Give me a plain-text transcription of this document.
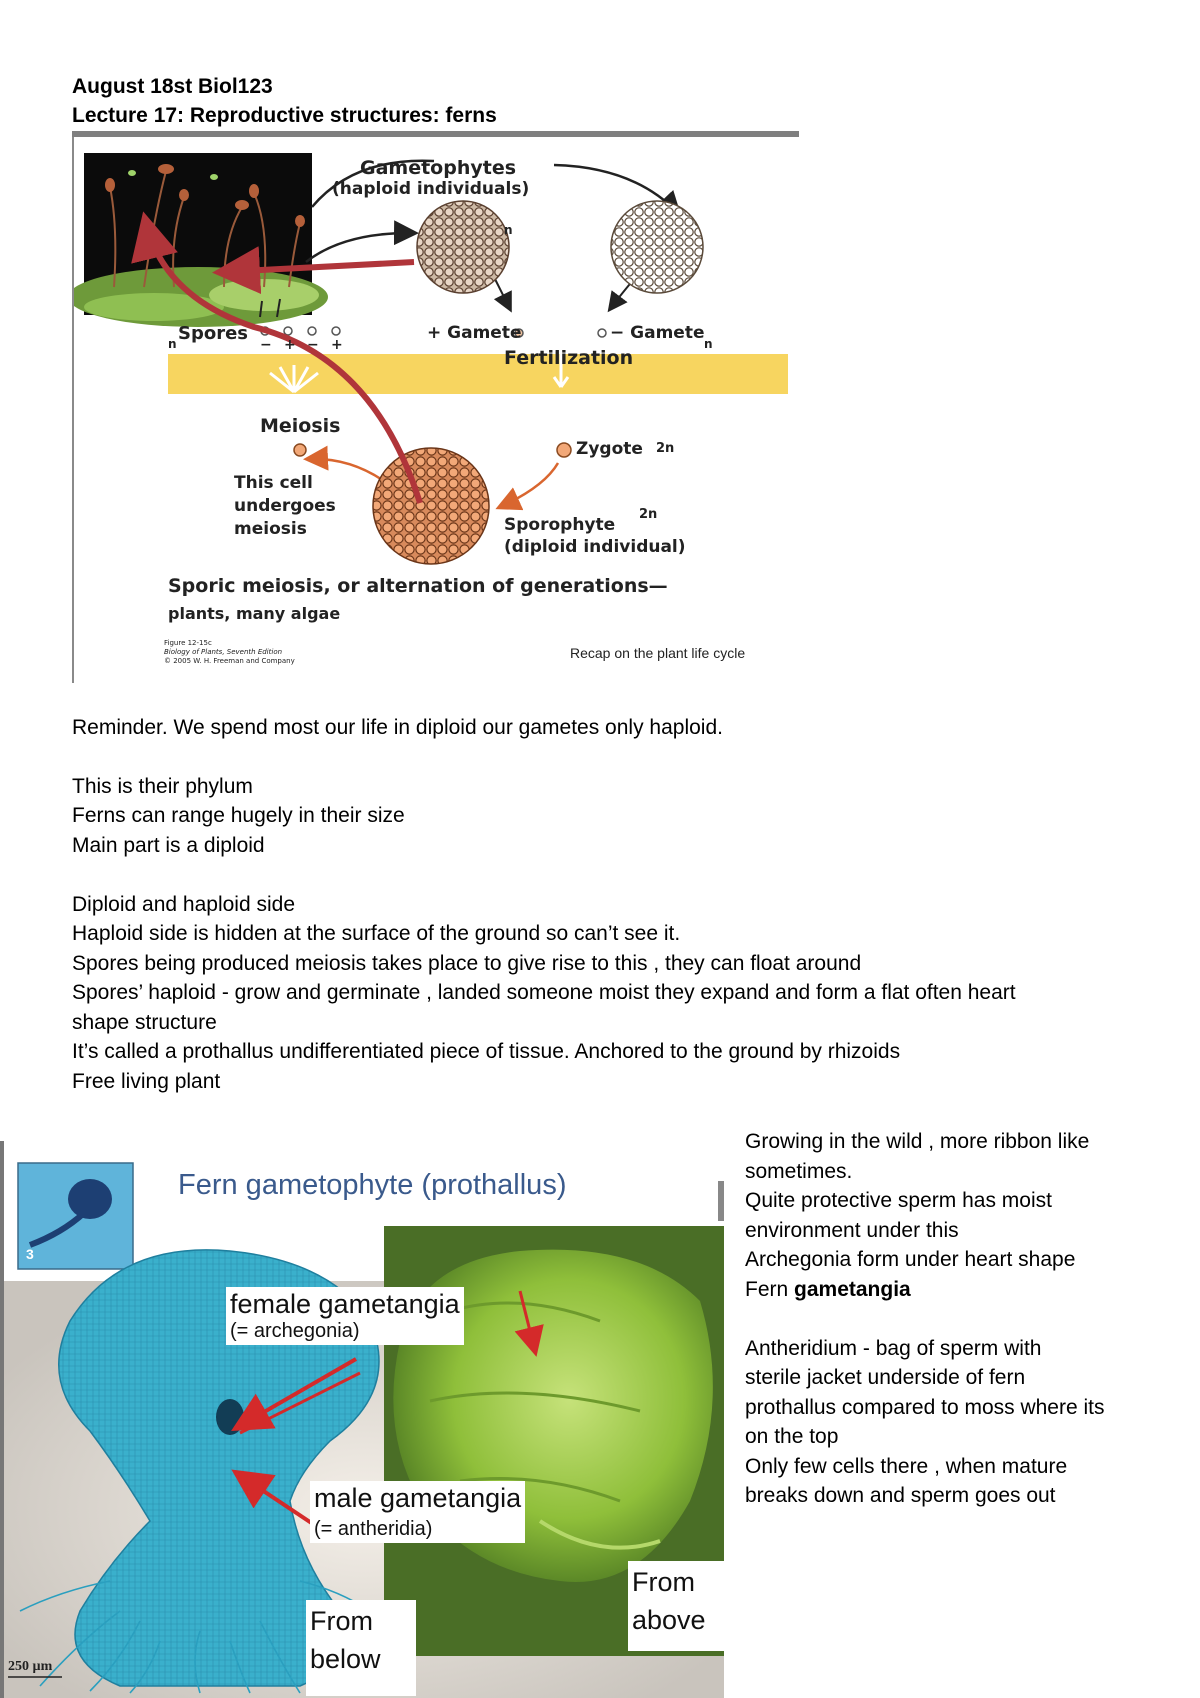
August 18st Biol123
Lecture 17: Reproductive structures: ferns
Gametophytes
(haploid individuals)
n
n Spores
− + − +
+ Gamete	− Gamete
n
Fertilization
Meiosis
This cell
undergoes
meiosis
Zygote 2n
Sporophyte
2n
(diploid individual)
Sporic meiosis, or alternation of generations—
plants, many algae
Figure 12-15c
Biology of Plants, Seventh Edition
© 2005 W. H. Freeman and Company	Recap on the plant life cycle
Reminder. We spend most our life in diploid our gametes only haploid.
This is their phylum
Ferns can range hugely in their size
Main part is a diploid
Diploid and haploid side
Haploid side is hidden at the surface of the ground so can’t see it.
Spores being produced meiosis takes place to give rise to this , they can float around
Spores’ haploid - grow and germinate , landed someone moist they expand and form a flat often heart
shape structure
It’s called a prothallus undifferentiated piece of tissue. Anchored to the ground by rhizoids
Free living plant
Fern gametophyte (prothallus)
3
female gametangia
(= archegonia)
male gametangia
(= antheridia)
From
below
From
above
250 µm
Growing in the wild , more ribbon like
sometimes.
Quite protective sperm has moist
environment under this
Archegonia form under heart shape
Fern gametangia
Antheridium - bag of sperm with
sterile jacket underside of fern
prothallus compared to moss where its
on the top
Only few cells there , when mature
breaks down and sperm goes out
